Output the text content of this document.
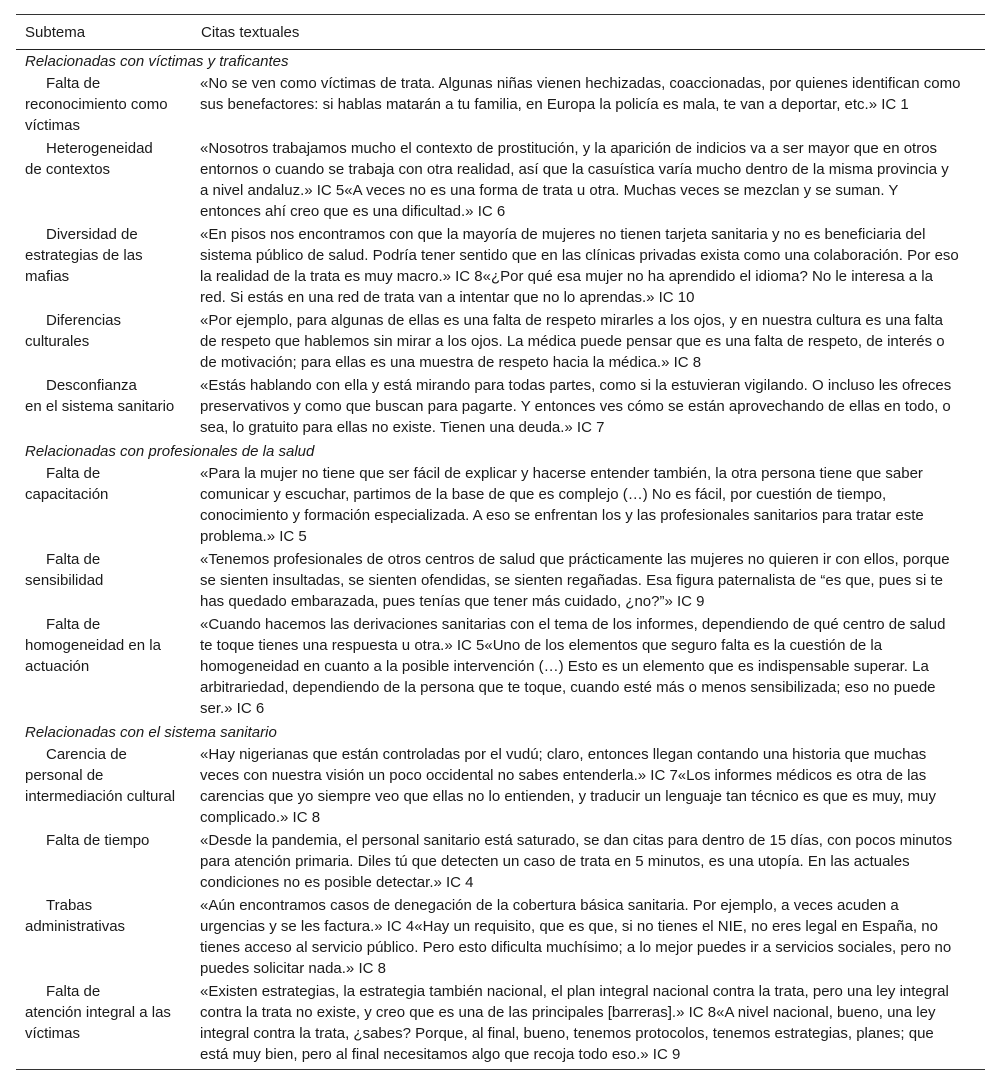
Subtema	Citas textuales
Relacionadas con víctimas y traficantes	

Falta de
reconocimiento como víctimas	«No se ven como víctimas de trata. Algunas niñas vienen hechizadas, coaccionadas, por quienes identifican como sus benefactores: si hablas matarán a tu familia, en Europa la policía es mala, te van a deportar, etc.» IC 1

Heterogeneidad
de contextos	«Nosotros trabajamos mucho el contexto de prostitución, y la aparición de indicios va a ser mayor que en otros entornos o cuando se trabaja con otra realidad, así que la casuística varía mucho dentro de la misma provincia y a nivel andaluz.» IC 5«A veces no es una forma de trata u otra. Muchas veces se mezclan y se suman. Y entonces ahí creo que es una dificultad.» IC 6

Diversidad de
estrategias de las mafias	«En pisos nos encontramos con que la mayoría de mujeres no tienen tarjeta sanitaria y no es beneficiaria del sistema público de salud. Podría tener sentido que en las clínicas privadas exista como una colaboración. Por eso la realidad de la trata es muy macro.» IC 8«¿Por qué esa mujer no ha aprendido el idioma? No le interesa a la red. Si estás en una red de trata van a intentar que no lo aprendas.» IC 10

Diferencias
culturales	«Por ejemplo, para algunas de ellas es una falta de respeto mirarles a los ojos, y en nuestra cultura es una falta de respeto que hablemos sin mirar a los ojos. La médica puede pensar que es una falta de respeto, de interés o de motivación; para ellas es una muestra de respeto hacia la médica.» IC 8

Desconfianza
en el sistema sanitario	«Estás hablando con ella y está mirando para todas partes, como si la estuvieran vigilando. O incluso les ofreces preservativos y como que buscan para pagarte. Y entonces ves cómo se están aprovechando de ellas en todo, o sea, lo gratuito para ellas no existe. Tienen una deuda.» IC 7
Relacionadas con profesionales de la salud	

Falta de
capacitación	«Para la mujer no tiene que ser fácil de explicar y hacerse entender también, la otra persona tiene que saber comunicar y escuchar, partimos de la base de que es complejo (…) No es fácil, por cuestión de tiempo, conocimiento y formación especializada. A eso se enfrentan los y las profesionales sanitarios para tratar este problema.» IC 5

Falta de
sensibilidad	«Tenemos profesionales de otros centros de salud que prácticamente las mujeres no quieren ir con ellos, porque se sienten insultadas, se sienten ofendidas, se sienten regañadas. Esa figura paternalista de “es que, pues si te has quedado embarazada, pues tenías que tener más cuidado, ¿no?”» IC 9

Falta de
homogeneidad en la actuación	«Cuando hacemos las derivaciones sanitarias con el tema de los informes, dependiendo de qué centro de salud te toque tienes una respuesta u otra.» IC 5«Uno de los elementos que seguro falta es la cuestión de la homogeneidad en cuanto a la posible intervención (…) Esto es un elemento que es indispensable superar. La arbitrariedad, dependiendo de la persona que te toque, cuando esté más o menos sensibilizada; eso no puede ser.» IC 6
Relacionadas con el sistema sanitario	

Carencia de
personal de intermediación cultural	«Hay nigerianas que están controladas por el vudú; claro, entonces llegan contando una historia que muchas veces con nuestra visión un poco occidental no sabes entenderla.» IC 7«Los informes médicos es otra de las carencias que yo siempre veo que ellas no lo entienden, y traducir un lenguaje tan técnico es que es muy, muy complicado.» IC 8

Falta de tiempo	«Desde la pandemia, el personal sanitario está saturado, se dan citas para dentro de 15 días, con pocos minutos para atención primaria. Diles tú que detecten un caso de trata en 5 minutos, es una utopía. En las actuales condiciones no es posible detectar.» IC 4

Trabas
administrativas	«Aún encontramos casos de denegación de la cobertura básica sanitaria. Por ejemplo, a veces acuden a urgencias y se les factura.» IC 4«Hay un requisito, que es que, si no tienes el NIE, no eres legal en España, no tienes acceso al servicio público. Pero esto dificulta muchísimo; a lo mejor puedes ir a servicios sociales, pero no puedes solicitar nada.» IC 8

Falta de
atención integral a las víctimas	«Existen estrategias, la estrategia también nacional, el plan integral nacional contra la trata, pero una ley integral contra la trata no existe, y creo que es una de las principales [barreras].» IC 8«A nivel nacional, bueno, una ley integral contra la trata, ¿sabes? Porque, al final, bueno, tenemos protocolos, tenemos estrategias, planes; que está muy bien, pero al final necesitamos algo que recoja todo eso.» IC 9
